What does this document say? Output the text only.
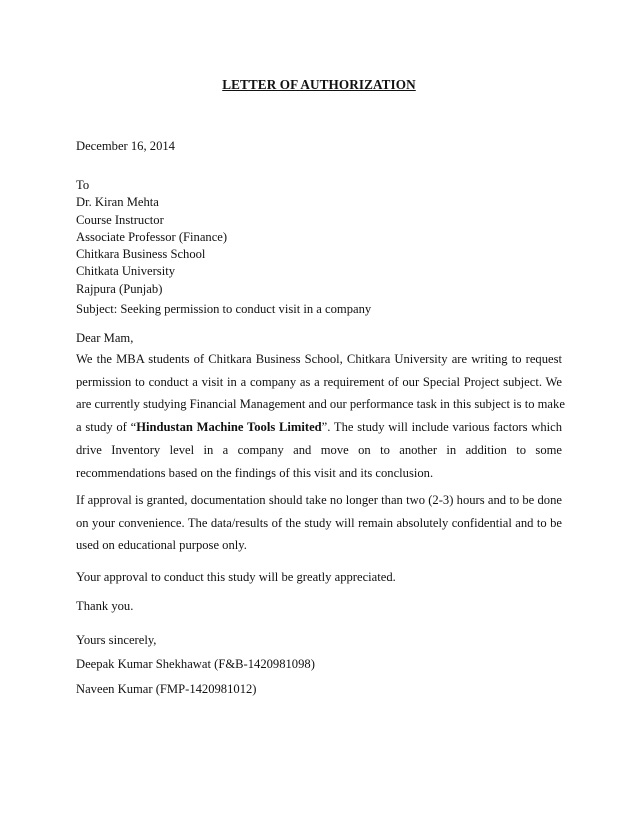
LETTER OF AUTHORIZATION
December 16, 2014
To
Dr. Kiran Mehta
Course Instructor
Associate Professor (Finance)
Chitkara Business School
Chitkata University
Rajpura (Punjab)
Subject: Seeking permission to conduct visit in a company
Dear Mam,
We the MBA students of Chitkara Business School, Chitkara University are writing to request
permission to conduct a visit in a company as a requirement of our Special Project subject. We
are currently studying Financial Management and our performance task in this subject is to make
a study of “Hindustan Machine Tools Limited”. The study will include various factors which
drive Inventory level in a company and move on to another in addition to some
recommendations based on the findings of this visit and its conclusion.
If approval is granted, documentation should take no longer than two (2-3) hours and to be done
on your convenience. The data/results of the study will remain absolutely confidential and to be
used on educational purpose only.
Your approval to conduct this study will be greatly appreciated.
Thank you.
Yours sincerely,
Deepak Kumar Shekhawat (F&B-1420981098)
Naveen Kumar (FMP-1420981012)
